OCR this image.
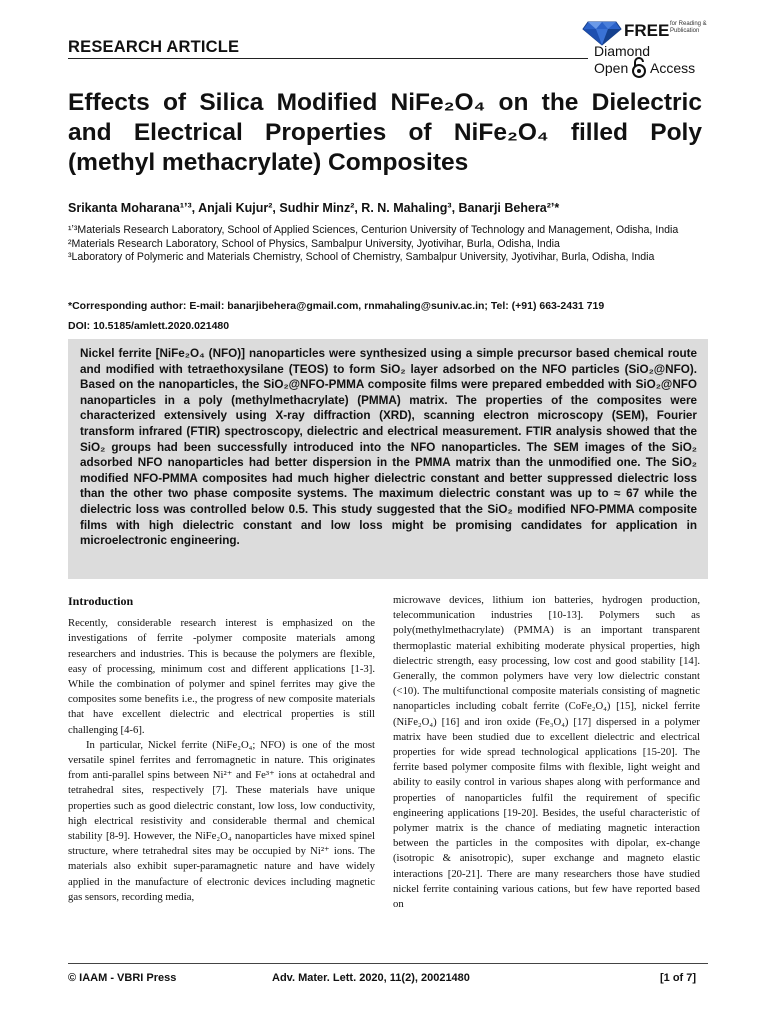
RESEARCH ARTICLE
FREE for Reading & Publication
Diamond
Open Access
Effects of Silica Modified NiFe₂O₄ on the Dielectric and Electrical Properties of NiFe₂O₄ filled Poly (methyl methacrylate) Composites
Srikanta Moharana¹ʼ³, Anjali Kujur², Sudhir Minz², R. N. Mahaling³, Banarji Behera²ʼ*

¹ʼ³Materials Research Laboratory, School of Applied Sciences, Centurion University of Technology and Management, Odisha, India

²Materials Research Laboratory, School of Physics, Sambalpur University, Jyotivihar, Burla, Odisha, India

³Laboratory of Polymeric and Materials Chemistry, School of Chemistry, Sambalpur University, Jyotivihar, Burla, Odisha, India

*Corresponding author: E-mail: banarjibehera@gmail.com, rnmahaling@suniv.ac.in; Tel: (+91) 663-2431 719
DOI: 10.5185/amlett.2020.021480
Nickel ferrite [NiFe₂O₄ (NFO)] nanoparticles were synthesized using a simple precursor based chemical route and modified with tetraethoxysilane (TEOS) to form SiO₂ layer adsorbed on the NFO particles (SiO₂@NFO). Based on the nanoparticles, the SiO₂@NFO-PMMA composite films were prepared embedded with SiO₂@NFO nanoparticles in a poly (methylmethacrylate) (PMMA) matrix. The properties of the composites were characterized extensively using X-ray diffraction (XRD), scanning electron microscopy (SEM), Fourier transform infrared (FTIR) spectroscopy, dielectric and electrical measurement. FTIR analysis showed that the SiO₂ groups had been successfully introduced into the NFO nanoparticles. The SEM images of the SiO₂ adsorbed NFO nanoparticles had better dispersion in the PMMA matrix than the unmodified one. The SiO₂ modified NFO-PMMA composites had much higher dielectric constant and better suppressed dielectric loss than the other two phase composite systems. The maximum dielectric constant was up to ≈ 67 while the dielectric loss was controlled below 0.5. This study suggested that the SiO₂ modified NFO-PMMA composite films with high dielectric constant and low loss might be promising candidates for application in microelectronic engineering.
Introduction

Recently, considerable research interest is emphasized on the investigations of ferrite -polymer composite materials among researchers and industries. This is because the polymers are flexible, easy of processing, minimum cost and different applications [1-3]. While the combination of polymer and spinel ferrites may give the composites some benefits i.e., the progress of new composite materials that have excellent dielectric and electrical properties is still challenging [4-6].

In particular, Nickel ferrite (NiFe₂O₄; NFO) is one of the most versatile spinel ferrites and ferromagnetic in nature. This originates from anti-parallel spins between Ni²⁺ and Fe³⁺ ions at octahedral and tetrahedral sites, respectively [7]. These materials have unique properties such as good dielectric constant, low loss, low conductivity, high electrical resistivity and considerable thermal and chemical stability [8-9]. However, the NiFe₂O₄ nanoparticles have mixed spinel structure, where tetrahedral sites may be occupied by Ni²⁺ ions. The materials also exhibit super-paramagnetic nature and have widely applied in the manufacture of electronic devices including magnetic gas sensors, recording media,

microwave devices, lithium ion batteries, hydrogen production, telecommunication industries [10-13]. Polymers such as poly(methylmethacrylate) (PMMA) is an important transparent thermoplastic material exhibiting moderate physical properties, high dielectric strength, easy processing, low cost and good stability [14]. Generally, the common polymers have very low dielectric constant (<10). The multifunctional composite materials consisting of magnetic nanoparticles including cobalt ferrite (CoFe₂O₄) [15], nickel ferrite (NiFe₂O₄) [16] and iron oxide (Fe₃O₄) [17] dispersed in a polymer matrix have been studied due to excellent dielectric and electrical properties for wide spread technological applications [15-20]. The ferrite based polymer composite films with flexible, light weight and ability to easily control in various shapes along with performance and properties of nanoparticles fulfil the requirement of specific engineering applications [19-20]. Besides, the useful characteristic of polymer matrix is the chance of mediating magnetic interaction between the particles in the composites with dipolar, ex-change (isotropic & anisotropic), super exchange and magneto elastic interactions [20-21]. There are many researchers those have studied nickel ferrite containing various cations, but few have reported based on

© IAAM - VBRI Press	Adv. Mater. Lett. 2020, 11(2), 20021480	[1 of 7]
